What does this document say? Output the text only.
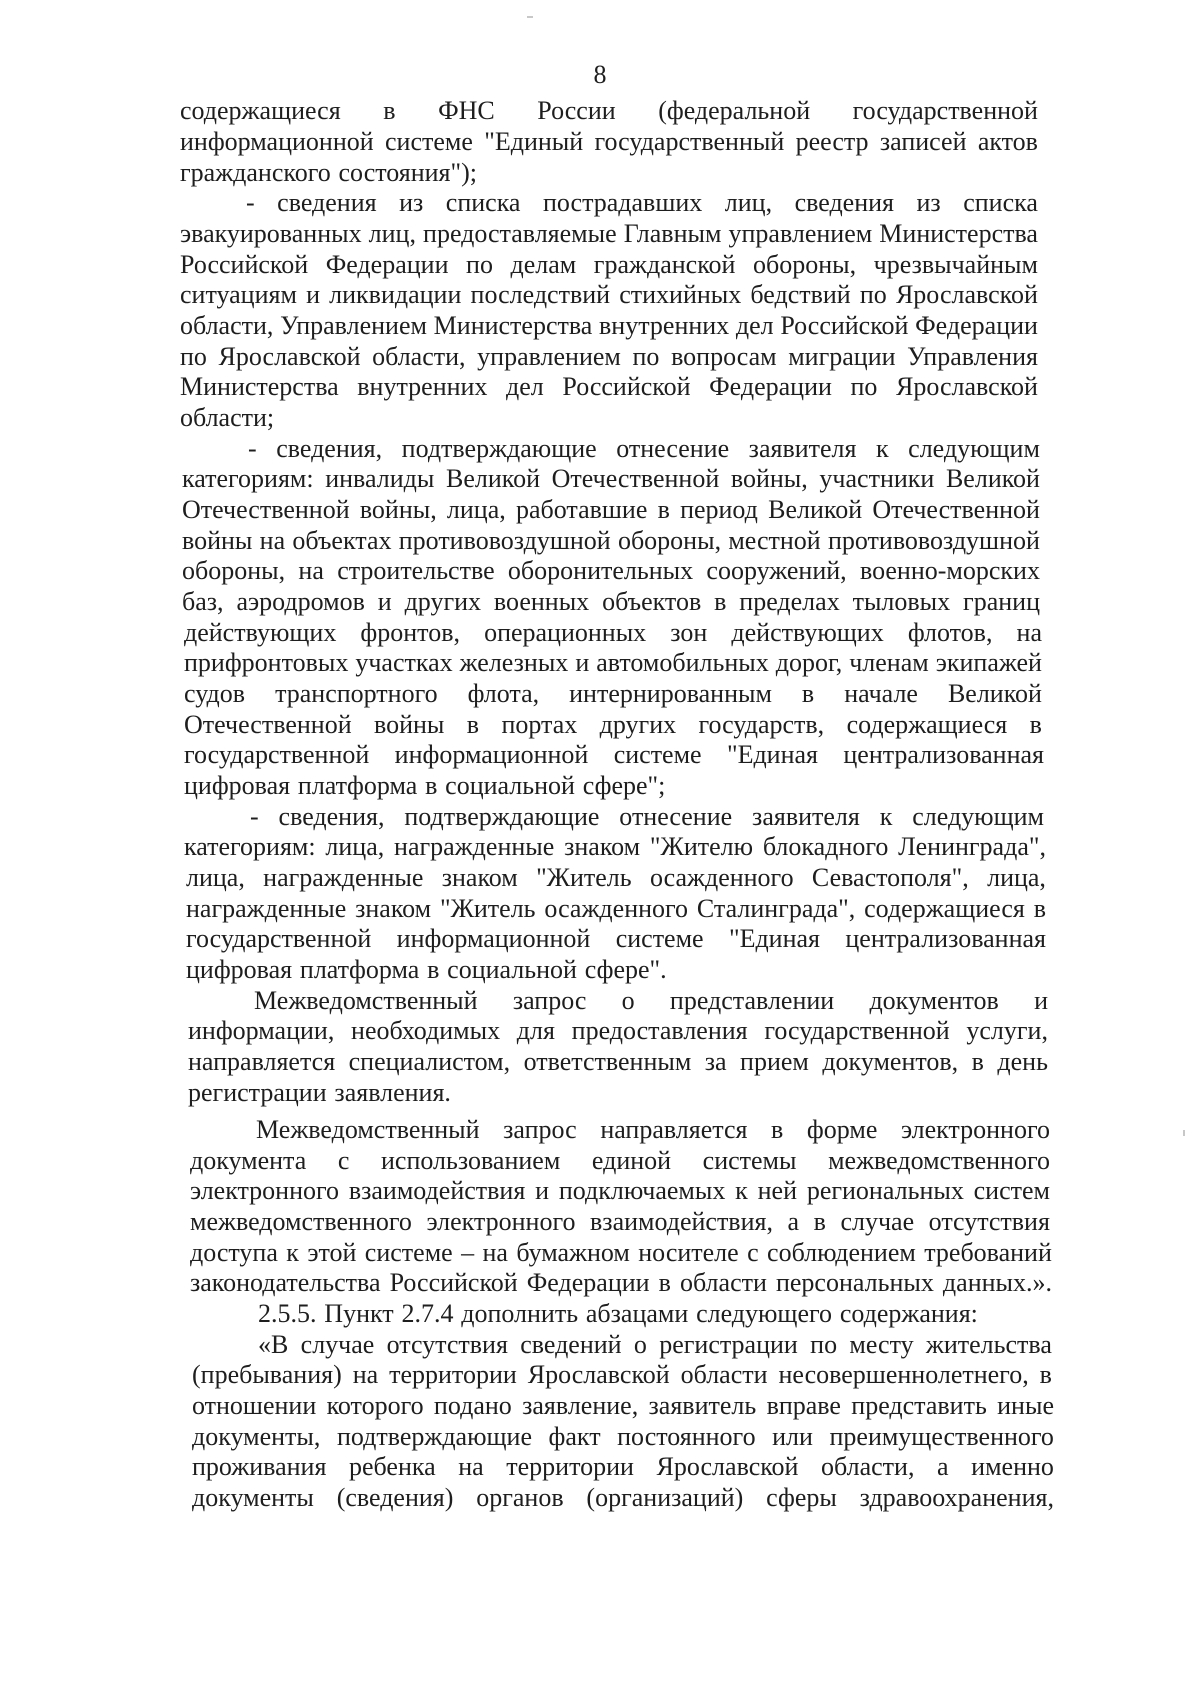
8
содержащиеся в ФНС России (федеральной государственной
информационной системе "Единый государственный реестр записей актов
гражданского состояния");
- сведения из списка пострадавших лиц, сведения из списка
эвакуированных лиц, предоставляемые Главным управлением Министерства
Российской Федерации по делам гражданской обороны, чрезвычайным
ситуациям и ликвидации последствий стихийных бедствий по Ярославской
области, Управлением Министерства внутренних дел Российской Федерации
по Ярославской области, управлением по вопросам миграции Управления
Министерства внутренних дел Российской Федерации по Ярославской
области;
- сведения, подтверждающие отнесение заявителя к следующим
категориям: инвалиды Великой Отечественной войны, участники Великой
Отечественной войны, лица, работавшие в период Великой Отечественной
войны на объектах противовоздушной обороны, местной противовоздушной
обороны, на строительстве оборонительных сооружений, военно-морских
баз, аэродромов и других военных объектов в пределах тыловых границ
действующих фронтов, операционных зон действующих флотов, на
прифронтовых участках железных и автомобильных дорог, членам экипажей
судов транспортного флота, интернированным в начале Великой
Отечественной войны в портах других государств, содержащиеся в
государственной информационной системе "Единая централизованная
цифровая платформа в социальной сфере";
- сведения, подтверждающие отнесение заявителя к следующим
категориям: лица, награжденные знаком "Жителю блокадного Ленинграда",
лица, награжденные знаком "Житель осажденного Севастополя", лица,
награжденные знаком "Житель осажденного Сталинграда", содержащиеся в
государственной информационной системе "Единая централизованная
цифровая платформа в социальной сфере".
Межведомственный запрос о представлении документов и
информации, необходимых для предоставления государственной услуги,
направляется специалистом, ответственным за прием документов, в день
регистрации заявления.
Межведомственный запрос направляется в форме электронного
документа с использованием единой системы межведомственного
электронного взаимодействия и подключаемых к ней региональных систем
межведомственного электронного взаимодействия, а в случае отсутствия
доступа к этой системе – на бумажном носителе с соблюдением требований
законодательства Российской Федерации в области персональных данных.».
2.5.5. Пункт 2.7.4 дополнить абзацами следующего содержания:
«В случае отсутствия сведений о регистрации по месту жительства
(пребывания) на территории Ярославской области несовершеннолетнего, в
отношении которого подано заявление, заявитель вправе представить иные
документы, подтверждающие факт постоянного или преимущественного
проживания ребенка на территории Ярославской области, а именно
документы (сведения) органов (организаций) сферы здравоохранения,
